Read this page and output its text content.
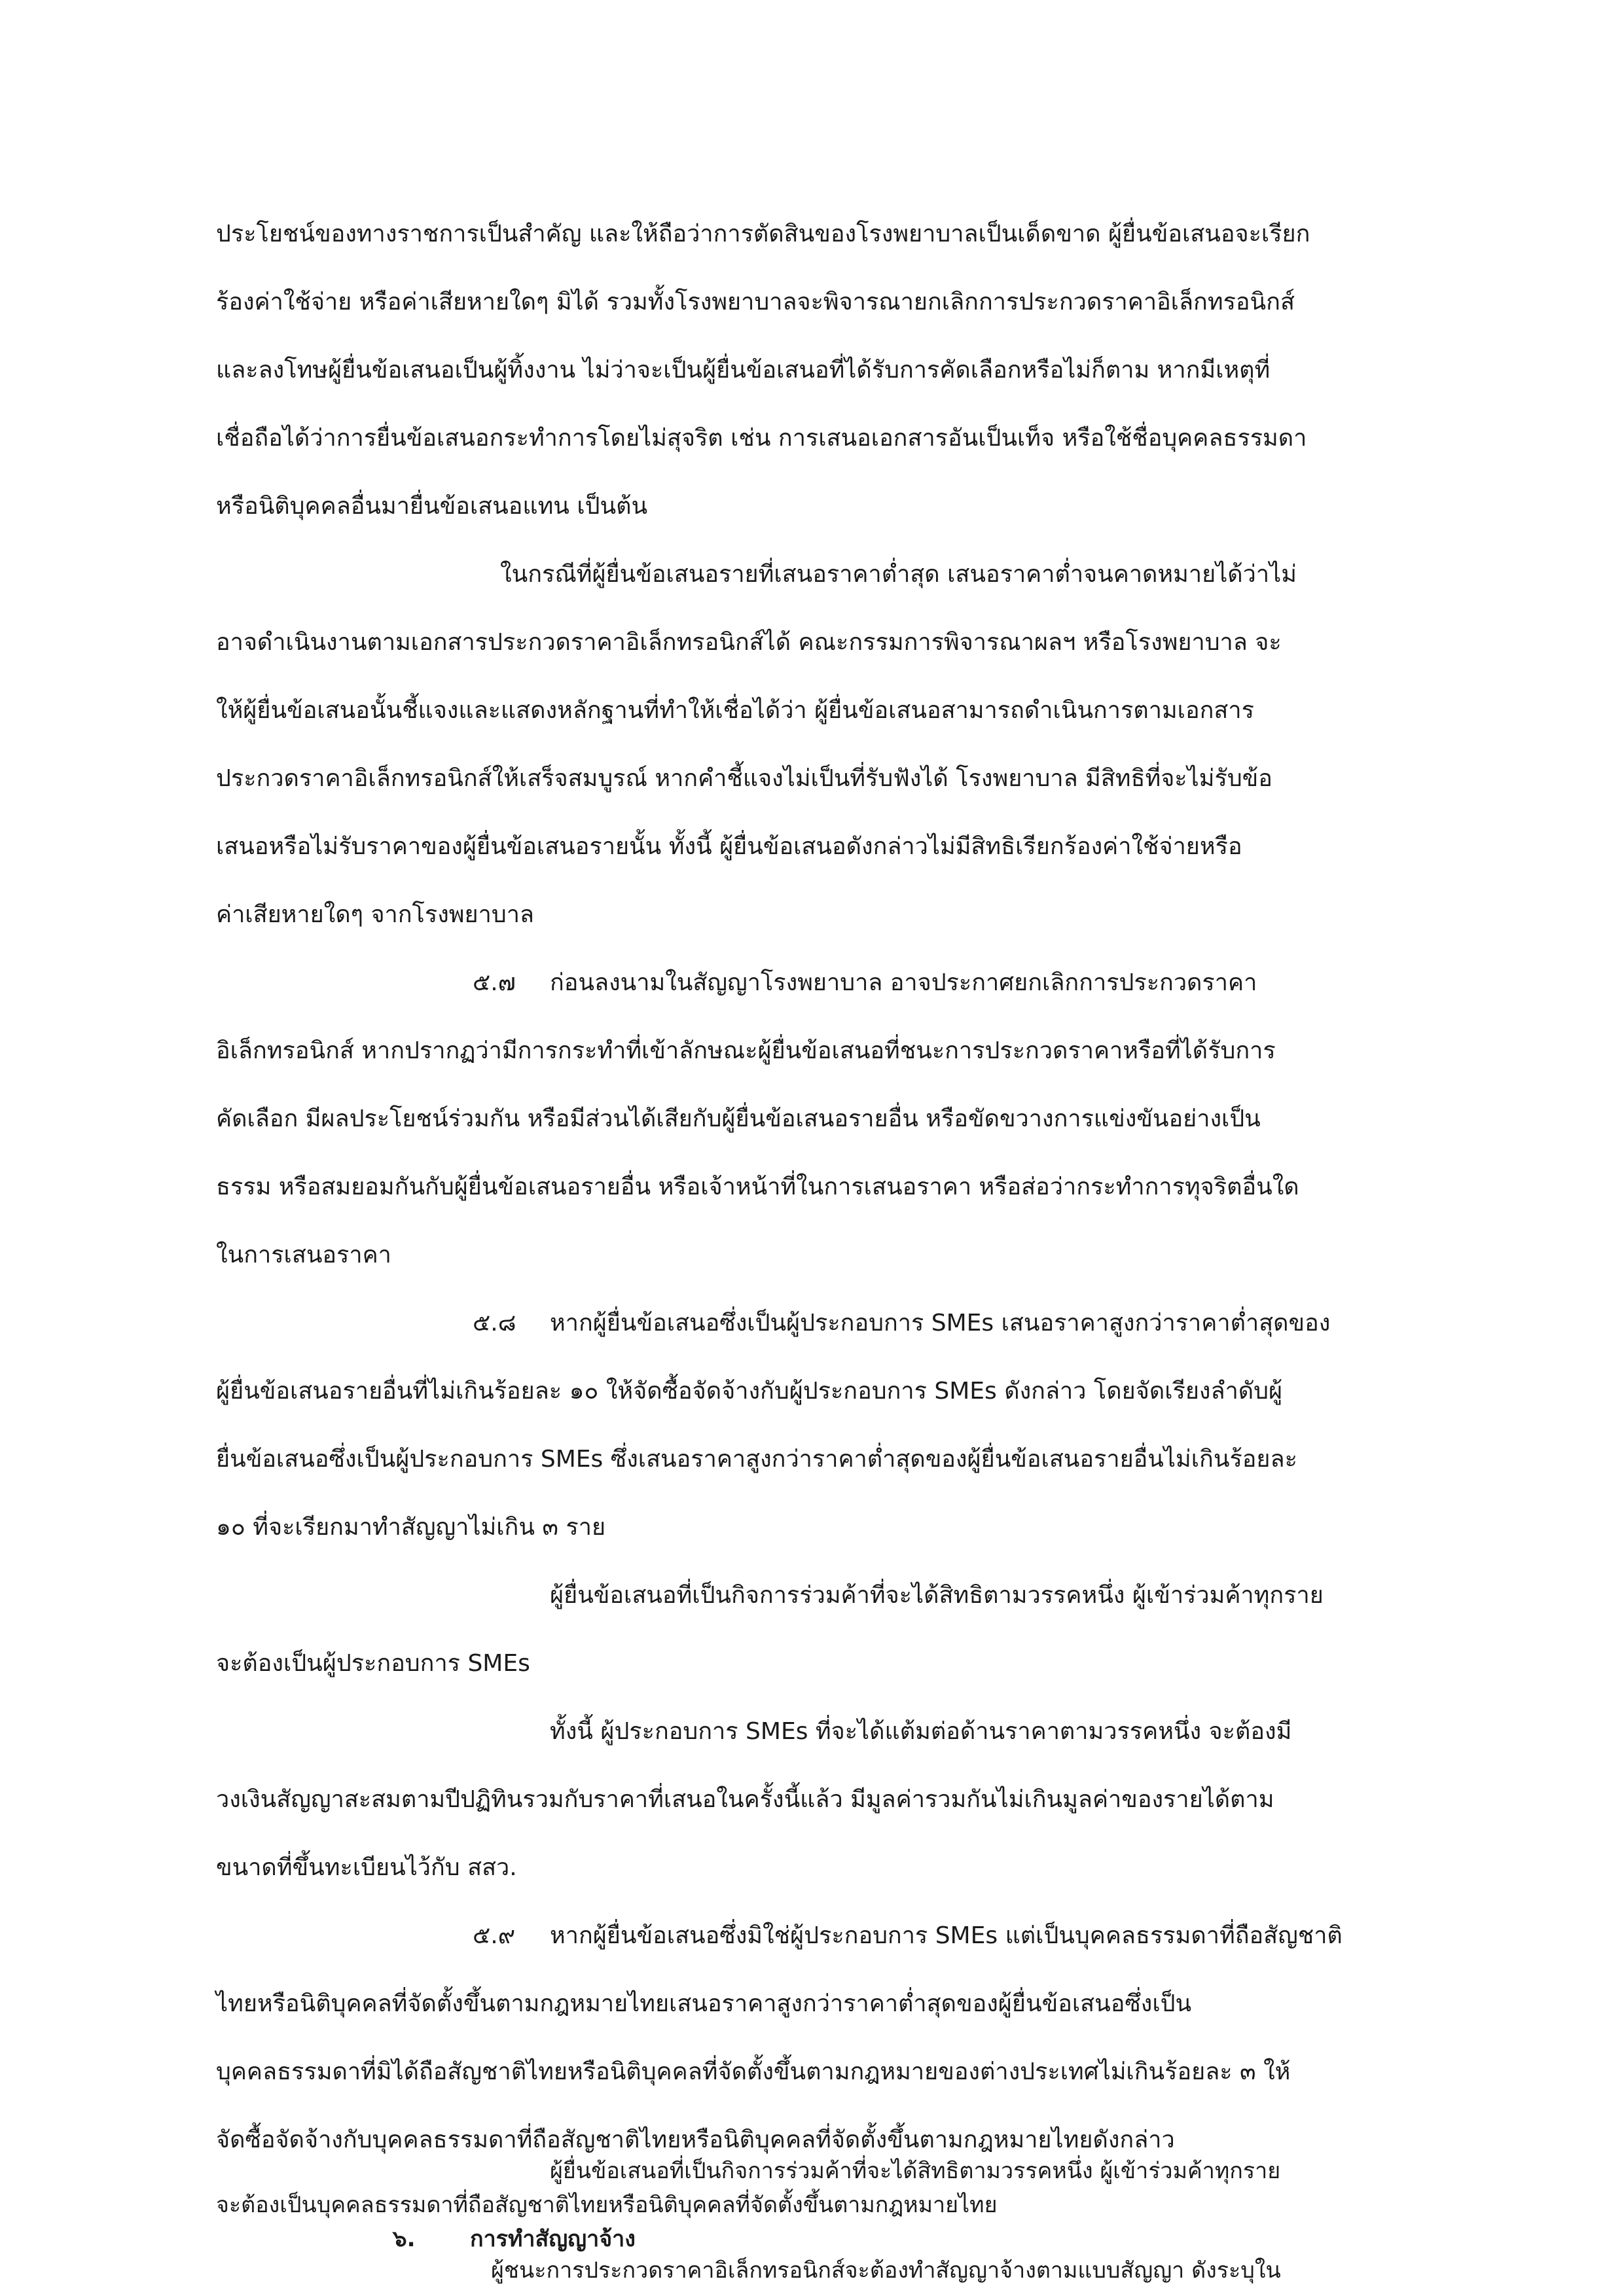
ประโยชน์ของทางราชการเป็นสำคัญ และให้ถือว่าการตัดสินของโรงพยาบาลเป็นเด็ดขาด ผู้ยื่นข้อเสนอจะเรียก
ร้องค่าใช้จ่าย หรือค่าเสียหายใดๆ มิได้ รวมทั้งโรงพยาบาลจะพิจารณายกเลิกการประกวดราคาอิเล็กทรอนิกส์
และลงโทษผู้ยื่นข้อเสนอเป็นผู้ทิ้งงาน ไม่ว่าจะเป็นผู้ยื่นข้อเสนอที่ได้รับการคัดเลือกหรือไม่ก็ตาม หากมีเหตุที่
เชื่อถือได้ว่าการยื่นข้อเสนอกระทำการโดยไม่สุจริต เช่น การเสนอเอกสารอันเป็นเท็จ หรือใช้ชื่อบุคคลธรรมดา
หรือนิติบุคคลอื่นมายื่นข้อเสนอแทน เป็นต้น
ในกรณีที่ผู้ยื่นข้อเสนอรายที่เสนอราคาต่ำสุด เสนอราคาต่ำจนคาดหมายได้ว่าไม่
อาจดำเนินงานตามเอกสารประกวดราคาอิเล็กทรอนิกส์ได้ คณะกรรมการพิจารณาผลฯ หรือโรงพยาบาล จะ
ให้ผู้ยื่นข้อเสนอนั้นชี้แจงและแสดงหลักฐานที่ทำให้เชื่อได้ว่า ผู้ยื่นข้อเสนอสามารถดำเนินการตามเอกสาร
ประกวดราคาอิเล็กทรอนิกส์ให้เสร็จสมบูรณ์ หากคำชี้แจงไม่เป็นที่รับฟังได้ โรงพยาบาล มีสิทธิที่จะไม่รับข้อ
เสนอหรือไม่รับราคาของผู้ยื่นข้อเสนอรายนั้น ทั้งนี้ ผู้ยื่นข้อเสนอดังกล่าวไม่มีสิทธิเรียกร้องค่าใช้จ่ายหรือ
ค่าเสียหายใดๆ จากโรงพยาบาล
๕.๗ ก่อนลงนามในสัญญาโรงพยาบาล อาจประกาศยกเลิกการประกวดราคา
อิเล็กทรอนิกส์ หากปรากฏว่ามีการกระทำที่เข้าลักษณะผู้ยื่นข้อเสนอที่ชนะการประกวดราคาหรือที่ได้รับการ
คัดเลือก มีผลประโยชน์ร่วมกัน หรือมีส่วนได้เสียกับผู้ยื่นข้อเสนอรายอื่น หรือขัดขวางการแข่งขันอย่างเป็น
ธรรม หรือสมยอมกันกับผู้ยื่นข้อเสนอรายอื่น หรือเจ้าหน้าที่ในการเสนอราคา หรือส่อว่ากระทำการทุจริตอื่นใด
ในการเสนอราคา
๕.๘ หากผู้ยื่นข้อเสนอซึ่งเป็นผู้ประกอบการ SMEs เสนอราคาสูงกว่าราคาต่ำสุดของ
ผู้ยื่นข้อเสนอรายอื่นที่ไม่เกินร้อยละ ๑๐ ให้จัดซื้อจัดจ้างกับผู้ประกอบการ SMEs ดังกล่าว โดยจัดเรียงลำดับผู้
ยื่นข้อเสนอซึ่งเป็นผู้ประกอบการ SMEs ซึ่งเสนอราคาสูงกว่าราคาต่ำสุดของผู้ยื่นข้อเสนอรายอื่นไม่เกินร้อยละ
๑๐ ที่จะเรียกมาทำสัญญาไม่เกิน ๓ ราย
ผู้ยื่นข้อเสนอที่เป็นกิจการร่วมค้าที่จะได้สิทธิตามวรรคหนึ่ง ผู้เข้าร่วมค้าทุกราย
จะต้องเป็นผู้ประกอบการ SMEs
ทั้งนี้ ผู้ประกอบการ SMEs ที่จะได้แต้มต่อด้านราคาตามวรรคหนึ่ง จะต้องมี
วงเงินสัญญาสะสมตามปีปฏิทินรวมกับราคาที่เสนอในครั้งนี้แล้ว มีมูลค่ารวมกันไม่เกินมูลค่าของรายได้ตาม
ขนาดที่ขึ้นทะเบียนไว้กับ สสว.
๕.๙ หากผู้ยื่นข้อเสนอซึ่งมิใช่ผู้ประกอบการ SMEs แต่เป็นบุคคลธรรมดาที่ถือสัญชาติ
ไทยหรือนิติบุคคลที่จัดตั้งขึ้นตามกฎหมายไทยเสนอราคาสูงกว่าราคาต่ำสุดของผู้ยื่นข้อเสนอซึ่งเป็น
บุคคลธรรมดาที่มิได้ถือสัญชาติไทยหรือนิติบุคคลที่จัดตั้งขึ้นตามกฎหมายของต่างประเทศไม่เกินร้อยละ ๓ ให้
จัดซื้อจัดจ้างกับบุคคลธรรมดาที่ถือสัญชาติไทยหรือนิติบุคคลที่จัดตั้งขึ้นตามกฎหมายไทยดังกล่าว
ผู้ยื่นข้อเสนอที่เป็นกิจการร่วมค้าที่จะได้สิทธิตามวรรคหนึ่ง ผู้เข้าร่วมค้าทุกราย
จะต้องเป็นบุคคลธรรมดาที่ถือสัญชาติไทยหรือนิติบุคคลที่จัดตั้งขึ้นตามกฎหมายไทย
๖. การทำสัญญาจ้าง
ผู้ชนะการประกวดราคาอิเล็กทรอนิกส์จะต้องทำสัญญาจ้างตามแบบสัญญา ดังระบุใน
